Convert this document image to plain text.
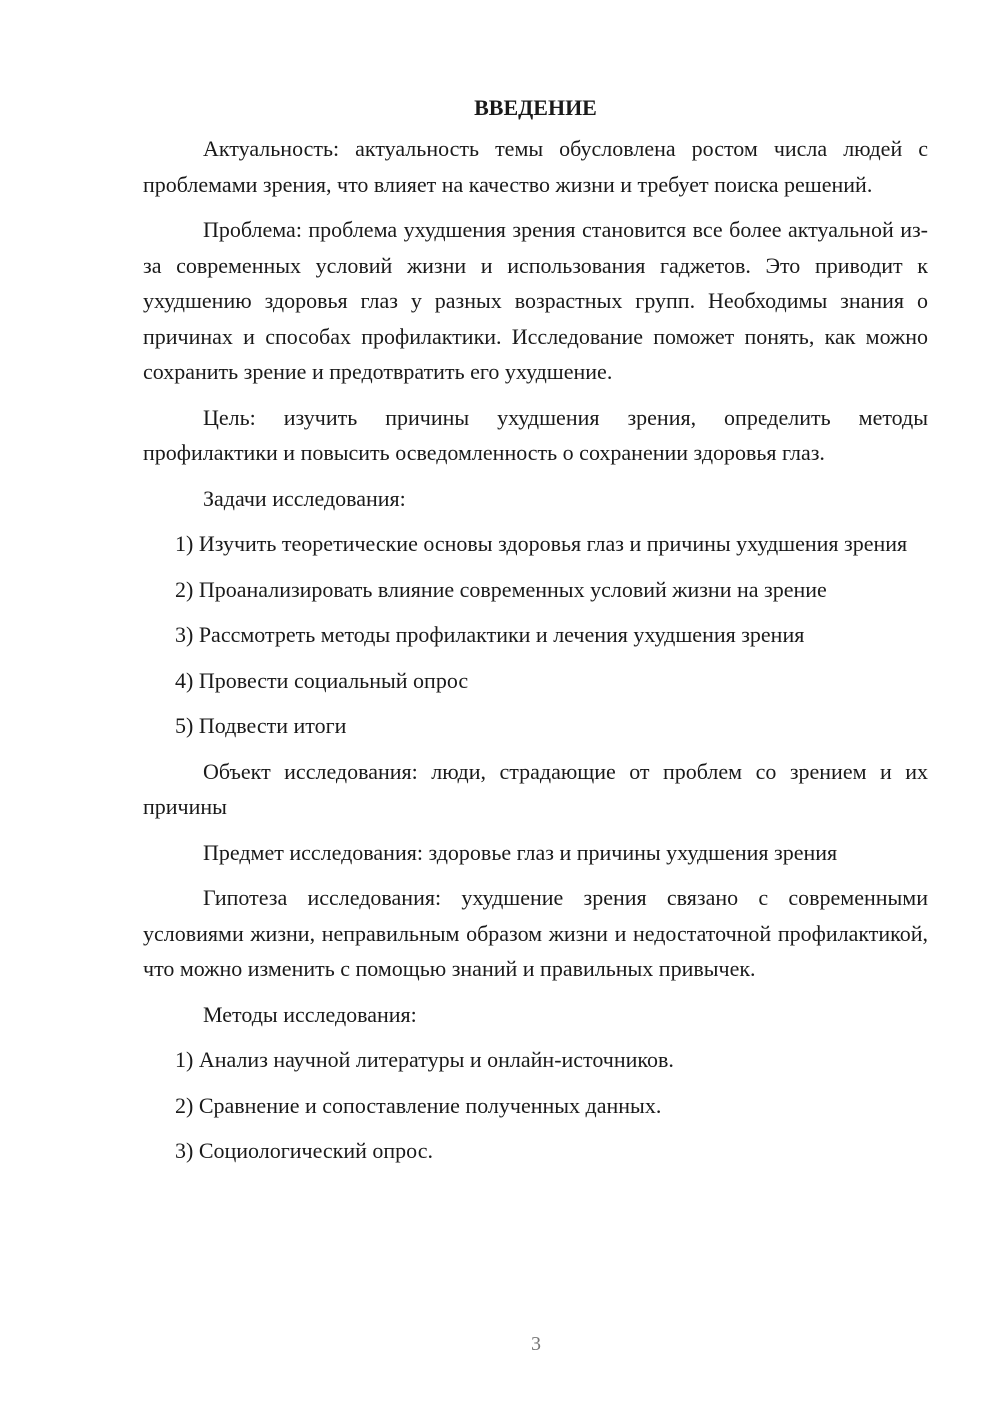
ВВЕДЕНИЕ

Актуальность: актуальность темы обусловлена ростом числа людей с проблемами зрения, что влияет на качество жизни и требует поиска решений.

Проблема: проблема ухудшения зрения становится все более актуальной из-за современных условий жизни и использования гаджетов. Это приводит к ухудшению здоровья глаз у разных возрастных групп. Необходимы знания о причинах и способах профилактики. Исследование поможет понять, как можно сохранить зрение и предотвратить его ухудшение.

Цель: изучить причины ухудшения зрения, определить методы профилактики и повысить осведомленность о сохранении здоровья глаз.

Задачи исследования:

1) Изучить теоретические основы здоровья глаз и причины ухудшения зрения

2) Проанализировать влияние современных условий жизни на зрение

3) Рассмотреть методы профилактики и лечения ухудшения зрения

4) Провести социальный опрос

5) Подвести итоги

Объект исследования: люди, страдающие от проблем со зрением и их причины

Предмет исследования: здоровье глаз и причины ухудшения зрения

Гипотеза исследования: ухудшение зрения связано с современными условиями жизни, неправильным образом жизни и недостаточной профилактикой, что можно изменить с помощью знаний и правильных привычек.

Методы исследования:

1) Анализ научной литературы и онлайн-источников.

2) Сравнение и сопоставление полученных данных.

3) Социологический опрос.

3
